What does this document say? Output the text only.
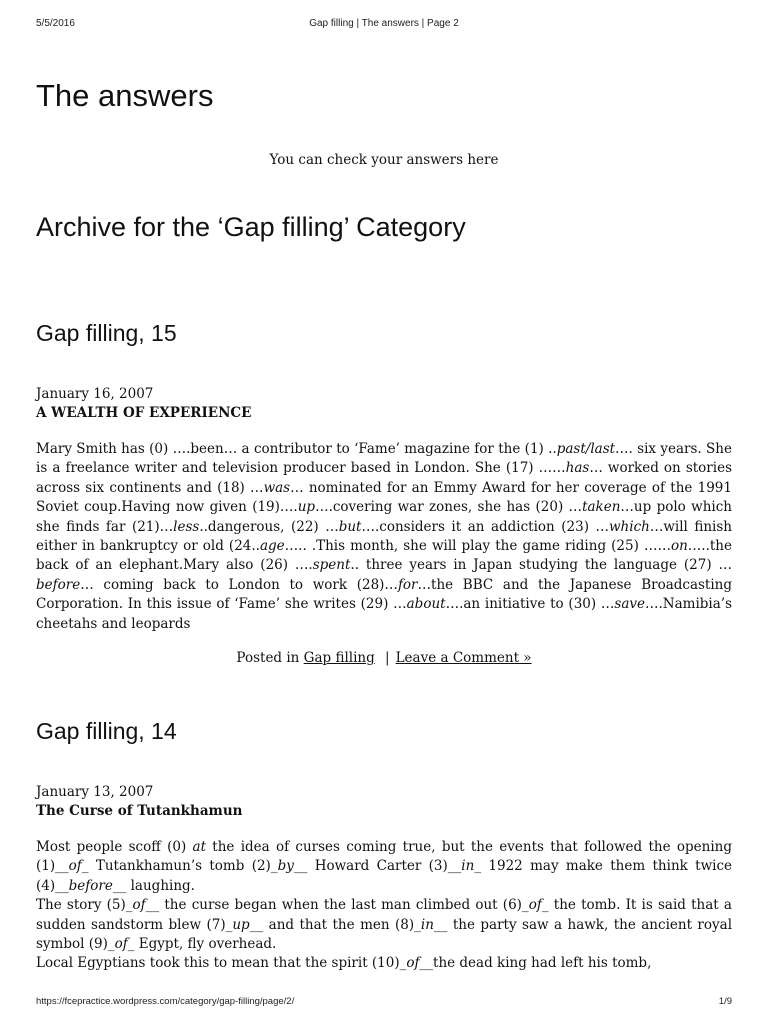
5/5/2016	Gap filling | The answers | Page 2
The answers

You can check your answers here

Archive for the ‘Gap filling’ Category
Gap filling, 15

January 16, 2007

A WEALTH OF EXPERIENCE

Mary Smith has (0) ….been… a contributor to ‘Fame’ magazine for the (1) ..past/last…. six years. She is a freelance writer and television producer based in London. She (17) ……has… worked on stories across six continents and (18) …was… nominated for an Emmy Award for her coverage of the 1991 Soviet coup.Having now given (19)….up….covering war zones, she has (20) …taken…up polo which she finds far (21)…less..dangerous, (22) …but….considers it an addiction (23) …which…will finish either in bankruptcy or old (24..age….. .This month, she will play the game riding (25) ……on…..the back of an elephant.Mary also (26) ….spent.. three years in Japan studying the language (27) …before… coming back to London to work (28)…for…the BBC and the Japanese Broadcasting Corporation. In this issue of ‘Fame’ she writes (29) …about….an initiative to (30) …save….Namibia’s cheetahs and leopards

Posted in Gap filling | Leave a Comment »
Gap filling, 14

January 13, 2007

The Curse of Tutankhamun

Most people scoff (0) at the idea of curses coming true, but the events that followed the opening (1)__of_ Tutankhamun’s tomb (2)_by__ Howard Carter (3)__in_ 1922 may make them think twice (4)__before__ laughing.

The story (5)_of__ the curse began when the last man climbed out (6)_of_ the tomb. It is said that a sudden sandstorm blew (7)_up__ and that the men (8)_in__ the party saw a hawk, the ancient royal symbol (9)_of_ Egypt, fly overhead.

Local Egyptians took this to mean that the spirit (10)_of__the dead king had left his tomb,

https://fcepractice.wordpress.com/category/gap-filling/page/2/	1/9
